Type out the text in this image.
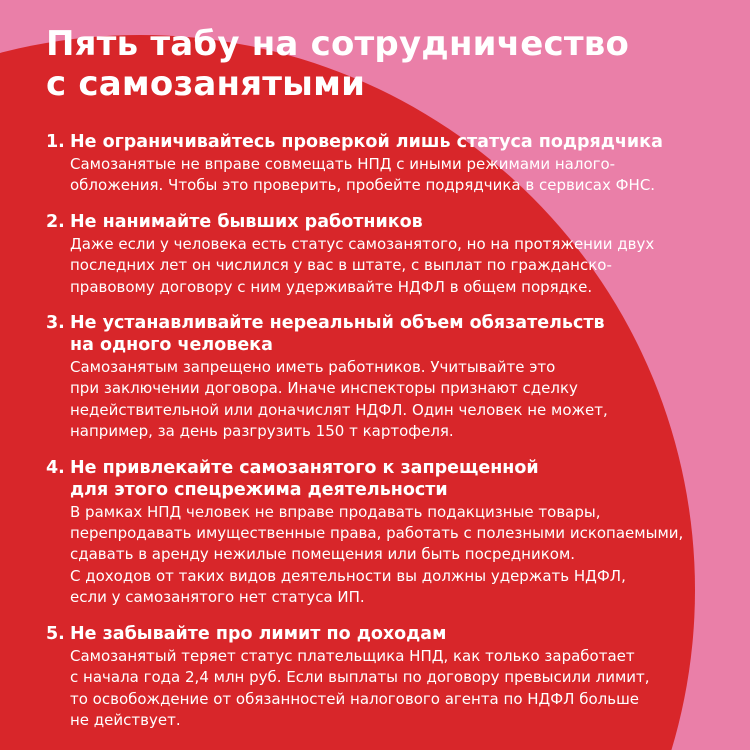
Пять табу на сотрудничество
с самозанятыми
1. Не ограничивайтесь проверкой лишь статуса подрядчика
Самозанятые не вправе совмещать НПД с иными режимами налого-
обложения. Чтобы это проверить, пробейте подрядчика в сервисах ФНС.
2. Не нанимайте бывших работников
Даже если у человека есть статус самозанятого, но на протяжении двух
последних лет он числился у вас в штате, с выплат по гражданско-
правовому договору с ним удерживайте НДФЛ в общем порядке.
3. Не устанавливайте нереальный объем обязательств
на одного человека
Самозанятым запрещено иметь работников. Учитывайте это
при заключении договора. Иначе инспекторы признают сделку
недействительной или доначислят НДФЛ. Один человек не может,
например, за день разгрузить 150 т картофеля.
4. Не привлекайте самозанятого к запрещенной
для этого спецрежима деятельности
В рамках НПД человек не вправе продавать подакцизные товары,
перепродавать имущественные права, работать с полезными ископаемыми,
сдавать в аренду нежилые помещения или быть посредником.
С доходов от таких видов деятельности вы должны удержать НДФЛ,
если у самозанятого нет статуса ИП.
5. Не забывайте про лимит по доходам
Самозанятый теряет статус плательщика НПД, как только заработает
с начала года 2,4 млн руб. Если выплаты по договору превысили лимит,
то освобождение от обязанностей налогового агента по НДФЛ больше
не действует.
